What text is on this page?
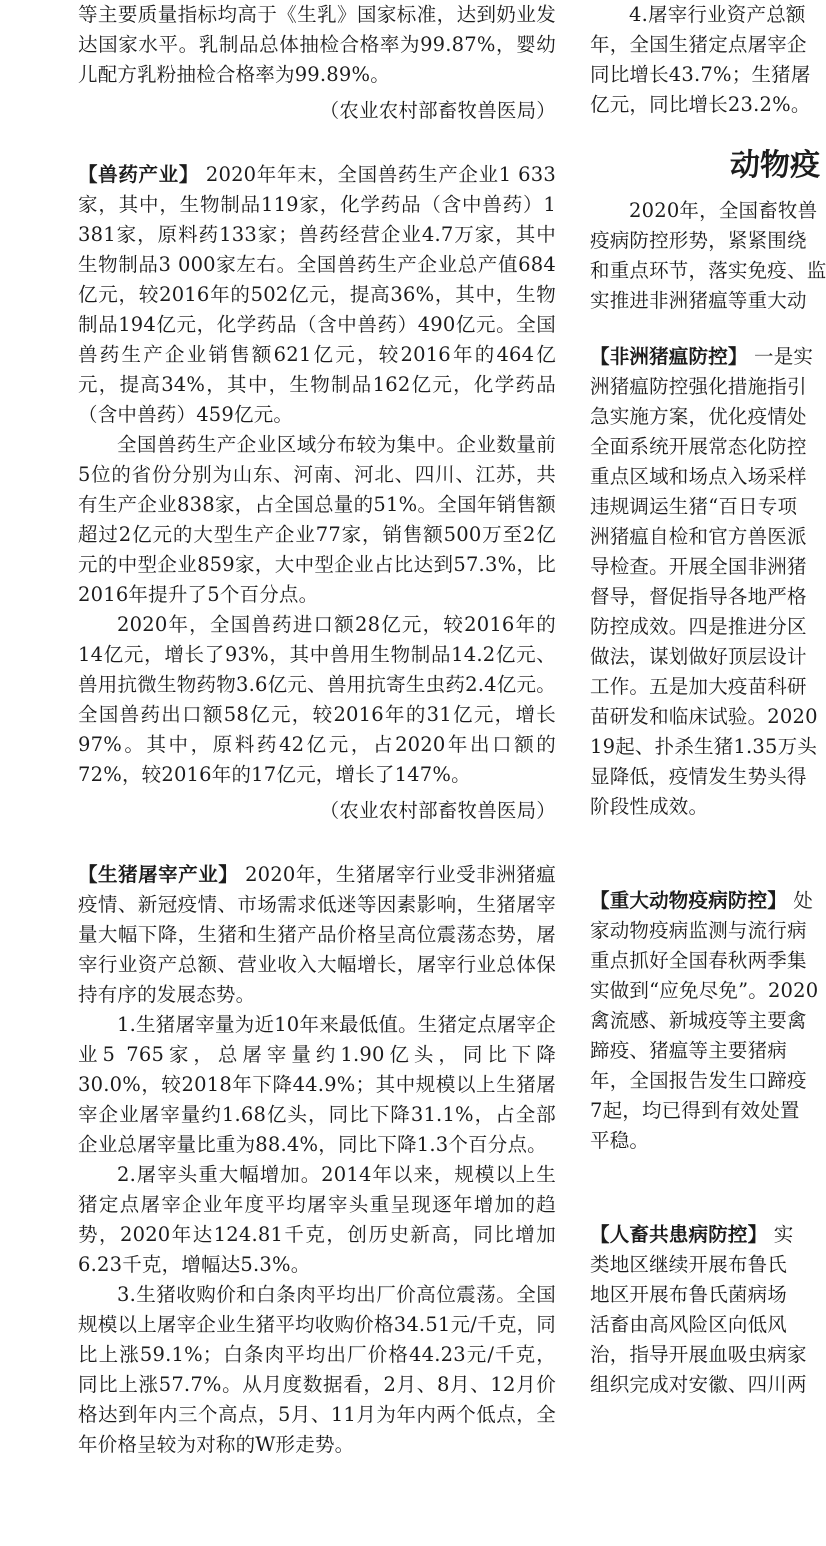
等主要质量指标均高于《生乳》国家标准，达到奶业发达国家水平。乳制品总体抽检合格率为99.87%，婴幼儿配方乳粉抽检合格率为99.89%。

（农业农村部畜牧兽医局）

【兽药产业】 2020年年末，全国兽药生产企业1 633家，其中，生物制品119家，化学药品（含中兽药）1 381家，原料药133家；兽药经营企业4.7万家，其中生物制品3 000家左右。全国兽药生产企业总产值684亿元，较2016年的502亿元，提高36%，其中，生物制品194亿元，化学药品（含中兽药）490亿元。全国兽药生产企业销售额621亿元，较2016年的464亿元，提高34%，其中，生物制品162亿元，化学药品（含中兽药）459亿元。

全国兽药生产企业区域分布较为集中。企业数量前5位的省份分别为山东、河南、河北、四川、江苏，共有生产企业838家，占全国总量的51%。全国年销售额超过2亿元的大型生产企业77家，销售额500万至2亿元的中型企业859家，大中型企业占比达到57.3%，比2016年提升了5个百分点。

2020年，全国兽药进口额28亿元，较2016年的14亿元，增长了93%，其中兽用生物制品14.2亿元、兽用抗微生物药物3.6亿元、兽用抗寄生虫药2.4亿元。全国兽药出口额58亿元，较2016年的31亿元，增长97%。其中，原料药42亿元，占2020年出口额的72%，较2016年的17亿元，增长了147%。

（农业农村部畜牧兽医局）

【生猪屠宰产业】 2020年，生猪屠宰行业受非洲猪瘟疫情、新冠疫情、市场需求低迷等因素影响，生猪屠宰量大幅下降，生猪和生猪产品价格呈高位震荡态势，屠宰行业资产总额、营业收入大幅增长，屠宰行业总体保持有序的发展态势。

1.生猪屠宰量为近10年来最低值。生猪定点屠宰企业5 765家，总屠宰量约1.90亿头，同比下降30.0%，较2018年下降44.9%；其中规模以上生猪屠宰企业屠宰量约1.68亿头，同比下降31.1%，占全部企业总屠宰量比重为88.4%，同比下降1.3个百分点。

2.屠宰头重大幅增加。2014年以来，规模以上生猪定点屠宰企业年度平均屠宰头重呈现逐年增加的趋势，2020年达124.81千克，创历史新高，同比增加6.23千克，增幅达5.3%。

3.生猪收购价和白条肉平均出厂价高位震荡。全国规模以上屠宰企业生猪平均收购价格34.51元/千克，同比上涨59.1%；白条肉平均出厂价格44.23元/千克，同比上涨57.7%。从月度数据看，2月、8月、12月价格达到年内三个高点，5月、11月为年内两个低点，全年价格呈较为对称的W形走势。

4.屠宰行业资产总额

年，全国生猪定点屠宰企

同比增长43.7%；生猪屠

亿元，同比增长23.2%。

动物疫

2020年，全国畜牧兽

疫病防控形势，紧紧围绕

和重点环节，落实免疫、监

实推进非洲猪瘟等重大动

【非洲猪瘟防控】 一是实

洲猪瘟防控强化措施指引

急实施方案，优化疫情处

全面系统开展常态化防控

重点区域和场点入场采样

违规调运生猪“百日专项

洲猪瘟自检和官方兽医派

导检查。开展全国非洲猪

督导，督促指导各地严格

防控成效。四是推进分区

做法，谋划做好顶层设计

工作。五是加大疫苗科研

苗研发和临床试验。2020

19起、扑杀生猪1.35万头

显降低，疫情发生势头得

阶段性成效。

【重大动物疫病防控】 处

家动物疫病监测与流行病

重点抓好全国春秋两季集

实做到“应免尽免”。2020

禽流感、新城疫等主要禽

蹄疫、猪瘟等主要猪病

年，全国报告发生口蹄疫

7起，均已得到有效处置

平稳。

【人畜共患病防控】 实

类地区继续开展布鲁氏

地区开展布鲁氏菌病场

活畜由高风险区向低风

治，指导开展血吸虫病家

组织完成对安徽、四川两
